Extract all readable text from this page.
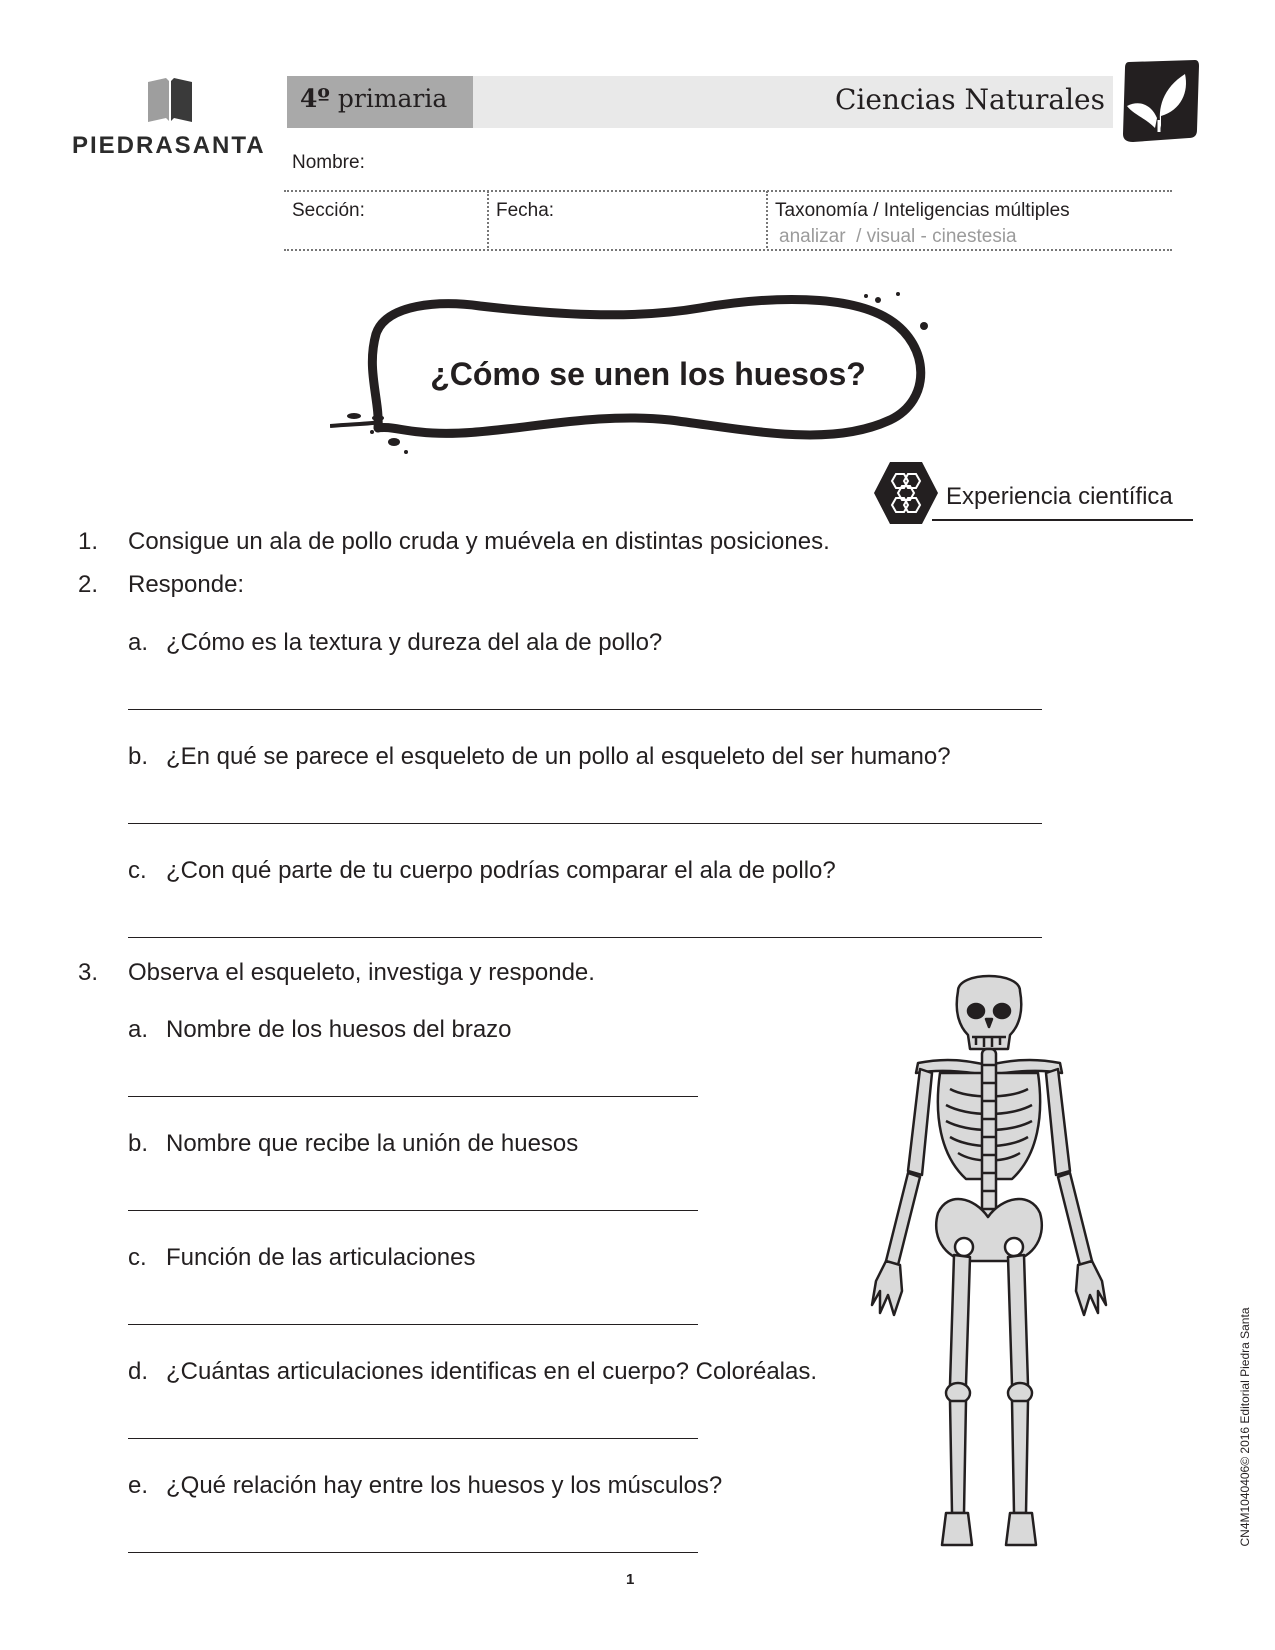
PIEDRASANTA
4º primaria	Ciencias Naturales
Nombre:
Sección:	Fecha:	Taxonomía / Inteligencias múltiples
analizar  / visual - cinestesia
¿Cómo se unen los huesos?
Experiencia científica
1. Consigue un ala de pollo cruda y muévela en distintas posiciones.
2. Responde:
a. ¿Cómo es la textura y dureza del ala de pollo?
b. ¿En qué se parece el esqueleto de un pollo al esqueleto del ser humano?
c. ¿Con qué parte de tu cuerpo podrías comparar el ala de pollo?
3. Observa el esqueleto, investiga y responde.
a. Nombre de los huesos del brazo
b. Nombre que recibe la unión de huesos
c. Función de las articulaciones
d. ¿Cuántas articulaciones identificas en el cuerpo? Coloréalas.
e. ¿Qué relación hay entre los huesos y los músculos?
1
CN4M1040406© 2016 Editorial Piedra Santa
